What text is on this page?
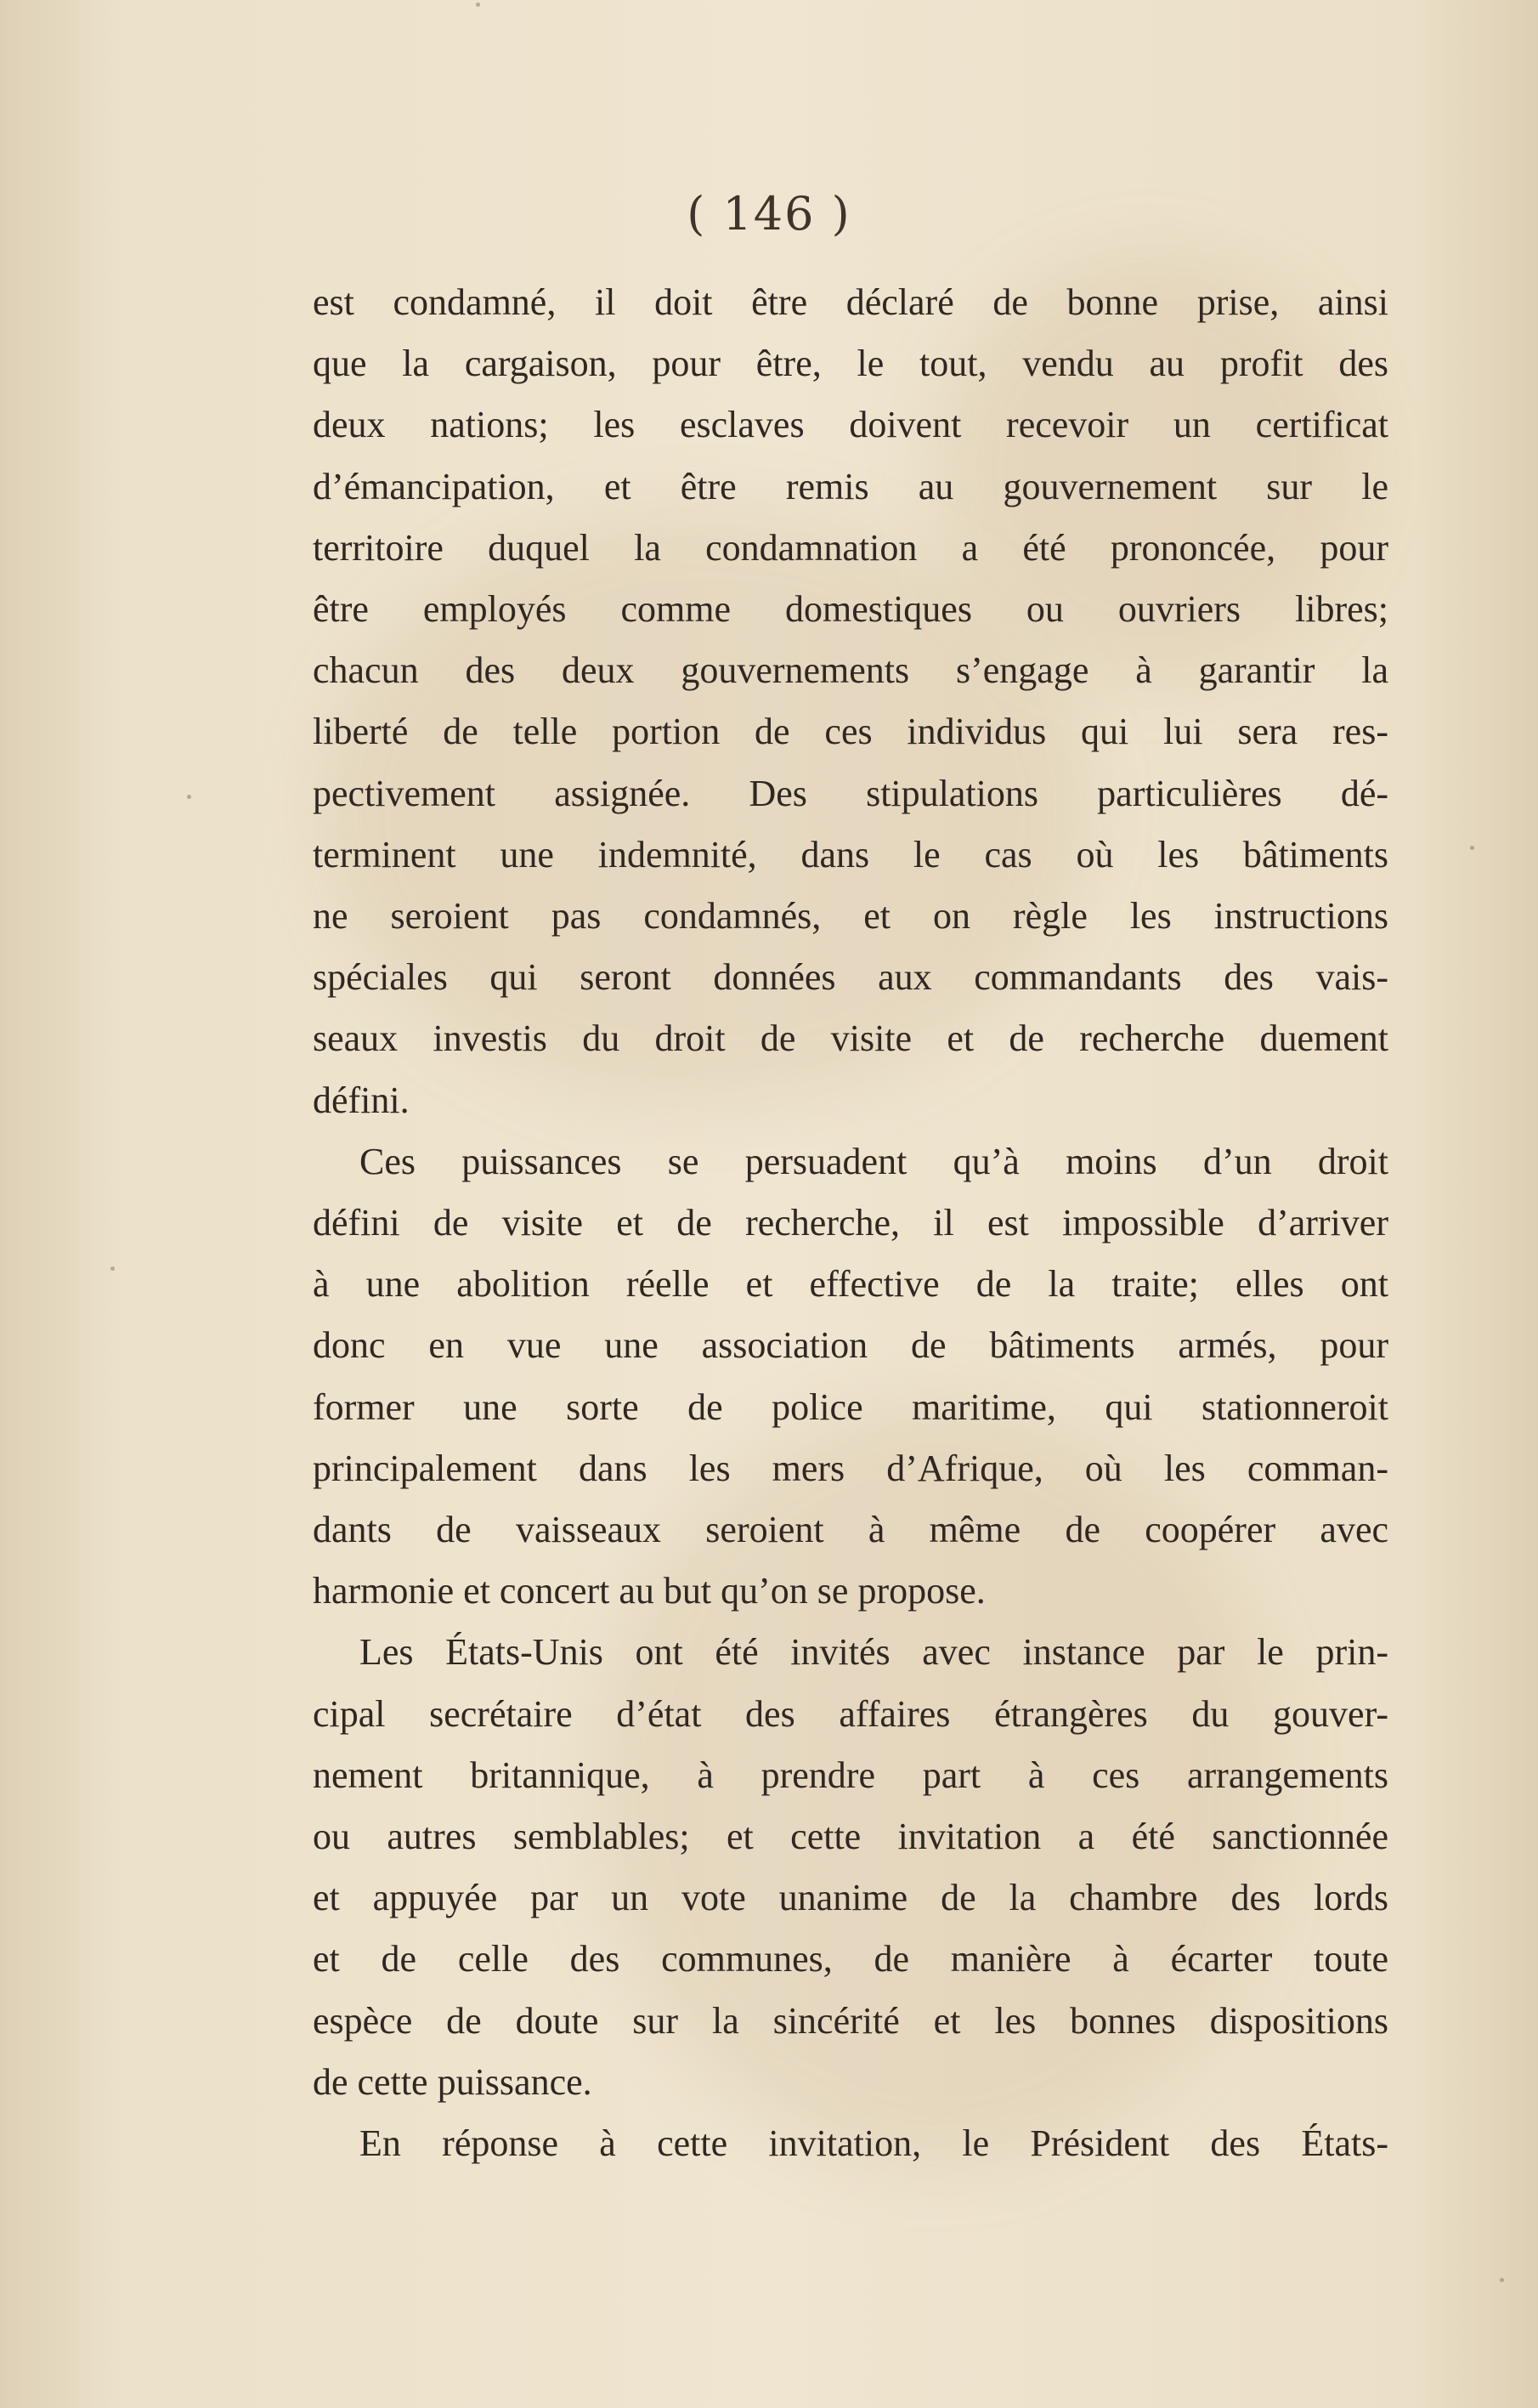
( 146 )
est condamné, il doit être déclaré de bonne prise, ainsi
que la cargaison, pour être, le tout, vendu au profit des
deux nations; les esclaves doivent recevoir un certificat
d’émancipation, et être remis au gouvernement sur le
territoire duquel la condamnation a été prononcée, pour
être employés comme domestiques ou ouvriers libres;
chacun des deux gouvernements s’engage à garantir la
liberté de telle portion de ces individus qui lui sera res-
pectivement assignée. Des stipulations particulières dé-
terminent une indemnité, dans le cas où les bâtiments
ne seroient pas condamnés, et on règle les instructions
spéciales qui seront données aux commandants des vais-
seaux investis du droit de visite et de recherche duement
défini.
Ces puissances se persuadent qu’à moins d’un droit
défini de visite et de recherche, il est impossible d’arriver
à une abolition réelle et effective de la traite; elles ont
donc en vue une association de bâtiments armés, pour
former une sorte de police maritime, qui stationneroit
principalement dans les mers d’Afrique, où les comman-
dants de vaisseaux seroient à même de coopérer avec
harmonie et concert au but qu’on se propose.
Les États-Unis ont été invités avec instance par le prin-
cipal secrétaire d’état des affaires étrangères du gouver-
nement britannique, à prendre part à ces arrangements
ou autres semblables; et cette invitation a été sanctionnée
et appuyée par un vote unanime de la chambre des lords
et de celle des communes, de manière à écarter toute
espèce de doute sur la sincérité et les bonnes dispositions
de cette puissance.
En réponse à cette invitation, le Président des États-
